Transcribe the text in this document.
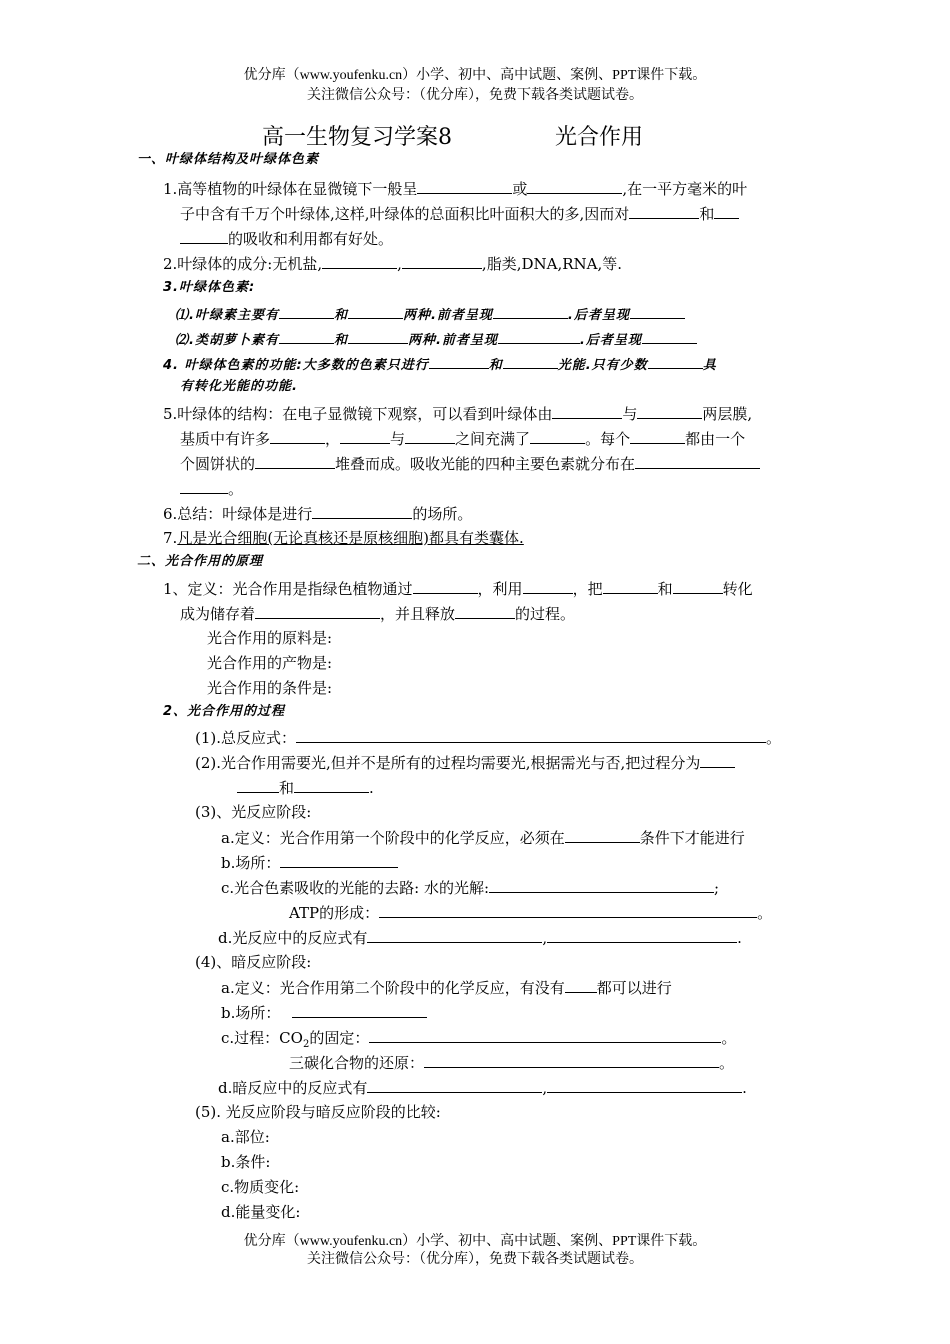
优分库（www.youfenku.cn）小学、初中、高中试题、案例、PPT课件下载。
关注微信公众号：（优分库），免费下载各类试题试卷。
高一生物复习学案8	光合作用
一、叶绿体结构及叶绿体色素
1.高等植物的叶绿体在显微镜下一般呈	或	,在一平方毫米的叶
子中含有千万个叶绿体,这样,叶绿体的总面积比叶面积大的多,因而对	和
的吸收和利用都有好处。
2.叶绿体的成分:无机盐,	,	,脂类,DNA,RNA,等.
3.叶绿体色素:
⑴.叶绿素主要有	和	两种.前者呈现	.后者呈现
⑵.类胡萝卜素有	和	两种.前者呈现	.后者呈现
4. 叶绿体色素的功能:大多数的色素只进行	和	光能.只有少数	具
有转化光能的功能.
5.叶绿体的结构：在电子显微镜下观察，可以看到叶绿体由	与	两层膜,
基质中有许多	，	与	之间充满了	。每个	都由一个
个圆饼状的	堆叠而成。吸收光能的四种主要色素就分布在
。
6.总结：叶绿体是进行	的场所。
7.凡是光合细胞(无论真核还是原核细胞)都具有类囊体.
二、光合作用的原理
1、定义：光合作用是指绿色植物通过	，利用	，把	和	转化
成为储存着	，并且释放	的过程。
光合作用的原料是:
光合作用的产物是:
光合作用的条件是:
2、光合作用的过程
(1).总反应式：	。
(2).光合作用需要光,但并不是所有的过程均需要光,根据需光与否,把过程分为
和	.
(3)、光反应阶段:
a.定义：光合作用第一个阶段中的化学反应，必须在	条件下才能进行
b.场所：
c.光合色素吸收的光能的去路: 水的光解:	;
ATP的形成：	。
d.光反应中的反应式有	,	.
(4)、暗反应阶段:
a.定义：光合作用第二个阶段中的化学反应，有没有 都可以进行
b.场所：
c.过程：$CO_2$的固定：	。
三碳化合物的还原：	。
d.暗反应中的反应式有	,	.
(5). 光反应阶段与暗反应阶段的比较:
a.部位:
b.条件:
c.物质变化:
d.能量变化:
优分库（www.youfenku.cn）小学、初中、高中试题、案例、PPT课件下载。
关注微信公众号：（优分库），免费下载各类试题试卷。
